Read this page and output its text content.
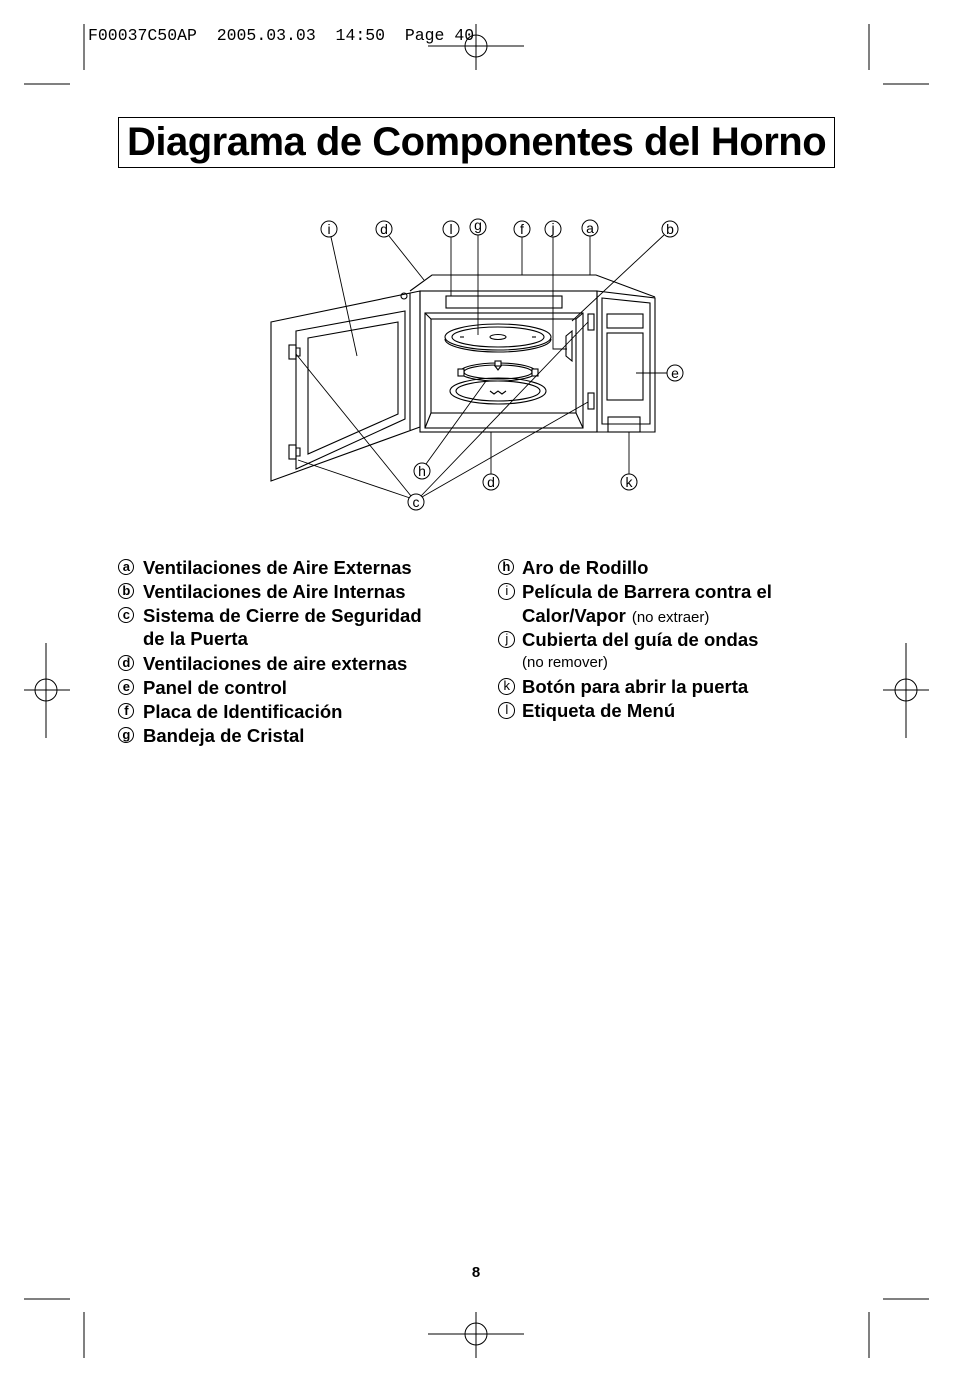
i	d	l g	f j a	b
e
h
d	k
c
F00037C50AP  2005.03.03  14:50  Page 40
Diagrama de Componentes del Horno
a Ventilaciones de Aire Externas
b Ventilaciones de Aire Internas
c Sistema de Cierre de Seguridad
de la Puerta
d Ventilaciones de aire externas
e Panel de control
f Placa de Identificación
g Bandeja de Cristal
h Aro de Rodillo
i Película de Barrera contra el
Calor/Vapor (no extraer)
j Cubierta del guía de ondas
(no remover)
k Botón para abrir la puerta
l Etiqueta de Menú
8
